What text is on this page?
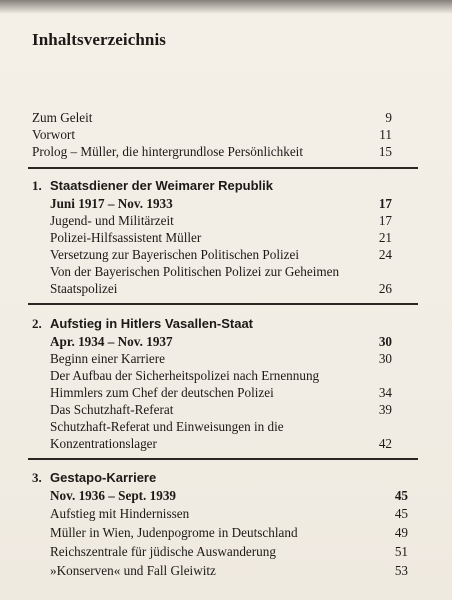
Inhaltsverzeichnis
Zum Geleit	9
Vorwort	11
Prolog – Müller, die hintergrundlose Persönlichkeit	15
1. Staatsdiener der Weimarer Republik
Juni 1917 – Nov. 1933	17
Jugend- und Militärzeit	17
Polizei-Hilfsassistent Müller	21
Versetzung zur Bayerischen Politischen Polizei	24
Von der Bayerischen Politischen Polizei zur Geheimen
Staatspolizei	26
2. Aufstieg in Hitlers Vasallen-Staat
Apr. 1934 – Nov. 1937	30
Beginn einer Karriere	30
Der Aufbau der Sicherheitspolizei nach Ernennung
Himmlers zum Chef der deutschen Polizei	34
Das Schutzhaft-Referat	39
Schutzhaft-Referat und Einweisungen in die
Konzentrationslager	42
3. Gestapo-Karriere
Nov. 1936 – Sept. 1939	45
Aufstieg mit Hindernissen	45
Müller in Wien, Judenpogrome in Deutschland	49
Reichszentrale für jüdische Auswanderung	51
»Konserven« und Fall Gleiwitz	53
